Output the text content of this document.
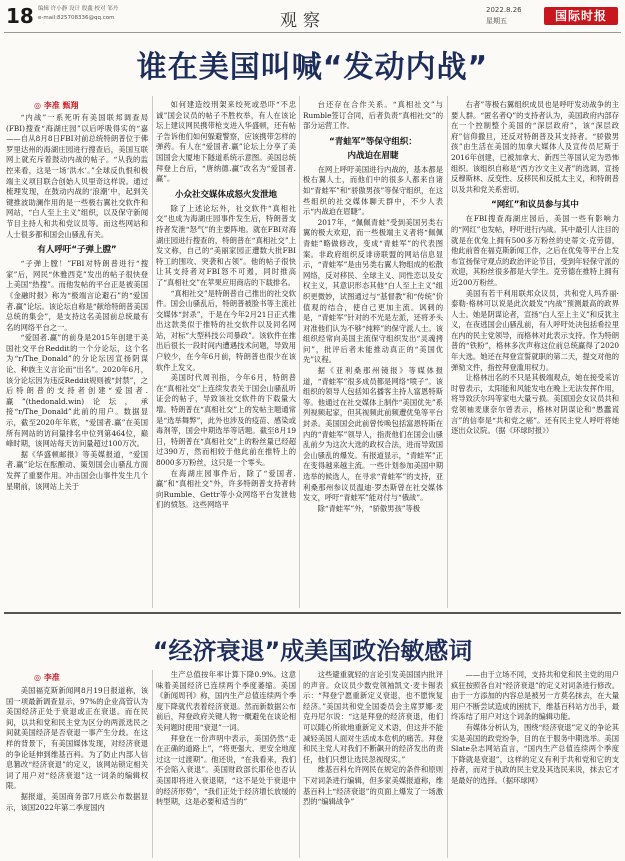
18 编辑 许小静 设计 殷鑫 校对 邹丹
e-mail:825708336@qq.com	观察
2022.8.26
星期五	国际时报
谁在美国叫喊“发动内战”
◎ 李准 甄翔

“内战”一系死听有美国联邦调查局(FBI)搜查“海湖庄园”以后呼吸得实的“嘉——自从8月8日FBI对前总统特朗普位于佛罗里达州的海湖庄园进行搜查后，美国互联网上就充斥着鼓动内战的帖子。“从我的监控来看，这是一场‘洪水’。”全球反仇恨和极端主义项目联合创始人贝里奇这样说。通过梳理发现，在鼓动内战的‘浪潮’中，起到关键推波助澜作用的是一些极右翼社交软件和网站，“白人至上主义”组织，以及保守新闻节目主持人和共和党议员等。而这些网站和人士很多都和国会山骚乱有关。

有人呼吁“子弹上膛”

“子弹上膛！”FBI对特朗普进行“搜家”后，网民“休雅西克”发出的帖子很快登上美国“热搜”。而他发帖的平台正是被美国《金融时报》称为“极端言论避石”的“爱国者.赢”论坛。该论坛自称是“献给特朗普美国总统的集会”，是支持这名美国前总统最有名的网络平台之一。

“爱国者.赢”的前身是2015年创建于美国社交平台Reddit的一个分论坛，这个名为“r/The_Donald”的分论坛因宣扬阴谋论、种族主义言论而“出名”。2020年6月，该分论坛因为违反Reddit规则被“封禁”，之后特朗普的支持者创建“爱国者.赢”(thedonald.win)论坛，承接“r/The_Donald”此前的用户。数据显示，截至2020年年底，“爱国者.赢”在美国所有网站的访问量排名中位列第464位，巅峰时期，该网站每天访问量超过100万次。

据《华盛顿邮报》等美媒报道，“爱国者.赢”论坛在酝酿动、策划国会山骚乱方面发挥了重要作用。冲击国会山事件发生几个星期前，该网站上关于

如何建造绞刑架来绞死或恐吓“不忠诚”国会议员的帖子不胜枚举，有人在该论坛上建议网民携带枪支进入华盛顿，还有帖子告诉他们如何躲避警察，应该携带怎样的弹药。有人在“爱国者.赢”论坛上分享了美国国会大厦地下隧道系统示意图。美国总统拜登上台后，“唐纳德.赢”改名为“爱国者.赢”。

小众社交媒体成怒火发泄地

除了上述论坛外，社交软件“真相社交”也成为海湖庄园事件发生后，特朗普支持者发泄“怒气”的主要阵地。就在FBI对海湖庄园进行搜查的，特朗普在“真相社交”上发文称，自己的“美丽家园正遭数大批FBI特工的围攻、突袭和占领”。他的帖子很快让其支持者对FBI怒不可遏，同时推高了“真相社交”在苹果应用商店的下载排名。

“真相社交”是特朗普自己推出的社交软件。国会山骚乱后，特朗普被脸书等主流社交媒体“封杀”，于是在今年2月21日正式推出这款类似于推特的社交软件以及同名网站，对标“大型科技公司暴政”。该软件在推出后很长一段时间内遭遇技术问题，导致用户较少，在今年6月前，特朗普也很少在该软件上发文。

美国时代周刊指，今年6月，特朗普在“真相社交”上连续发表关于国会山骚乱听证会的帖子，导致该社交软件的下载量大增。特朗普在“真相社交”上的发帖主题通常是“选举舞弊”，此外也涉及的疫苗、感染或毒剂等，国会中期选举等话题。截至8月19日，特朗普在“真相社交”上的粉丝量已经超过390万，然而相较于他此前在推特上的8000多万粉丝，这只是一个零头。

在海湖庄园事件后，除了“爱国者.赢”和“真相社交”外，许多特朗普支持者转向Rumble、Gettr等小众网络平台发泄他们的愤怒。这些网络平

台还存在合作关系。“真相社交”与Rumble签订合同，后者负责“真相社交”的部分运营工作。

“青蛙军”等保守组织：
内战迫在眉睫

在网上呼吁美国进行内战的，基本都是极右翼人士，而他们中的很多人都来自诸如“青蛙军”和“骄傲男孩”等保守组织，在这些组织的社交媒体聊天群中，不少人表示“内战迫在眉睫”。

2017年，“佩佩青蛙”受到美国另类右翼的极大欢迎，而一些极端主义者将“佩佩青蛙”略做修改，变成“青蛙军”的代表图案。非政府组织反诽谤联盟的网站信息显示，“青蛙军”是由另类右翼人物组成的松散网络，反对移民、全球主义、同性恋以及女权主义，其意识形态其他“白人至上主义”组织更微妙，试图通过与“基督教”和“传统”价值观的结合，使自己更加主流。讽刺的是，“青蛙军”针对的不光是左派，还将矛头对准他们认为不够“纯粹”的保守派人士。该组织经常向美国主流保守组织发出“灵魂拷问”，批评后者未能推动真正的“美国优先”议程。

据《亚利桑那州镜报》等媒体报道，“青蛙军”很多成员都是网络“喷子”。该组织的领导人包括知名播客主持人富恩特斯等。他通过在社交媒体上制作“美国优先”系列视频起家，但其视频此前频遭优兔等平台封杀。美国国会此前曾传唤包括富恩特斯在内的“青蛙军”领导人，指责他们在国会山骚乱前夕为这次大选的政权合法，进而导致国会山骚乱的爆发。有报道显示，“青蛙军”正在变得越来越主流。一些计划参加美国中期选举的候选人，在寻求“青蛙军”的支持，亚利桑那州参议员温迪·罗杰斯曾在社交媒体发文，呼吁“青蛙军”能对付与“俄战”。

除“青蛙军”外，“骄傲男孩”等极

右者”等极右翼组织成员也是呼吁发动战争的主要人群。“匿名者Q”的支持者认为，美国政府内部存在一个控制整个美国的“深层政府”，该“深层政府”信仰撒旦，还反对特朗普及其支持者。“骄傲男孩”由生活在美国的加拿大媒体人及宣传员尼斯于2016年创建，已被加拿大、新西兰等国认定为恐怖组织。该组织自称是“西方沙文主义者”的选调，宣扬反穆斯林、反变性、反移民和反抵太主义，和特朗普以及共和党关系密切。

“网红”和议员参与其中

在FBI搜查海湖庄园后，美国一些有影响力的“网红”也发帖，呼吁进行内战。其中最引人注目的就是在优兔上拥有500多万粉丝的史蒂文·克劳德，他此前曾在福克斯新闻工作，之后在优兔等平台上发布宣扬保守观点的政治评论节目，受到年轻保守派的欢迎，其粉丝很多都是大学生。克劳德在推特上拥有近200万粉丝。

美国有若干利用联邦众议员，共和党人玛乔丽·泰勒·格林可以说是此次最发“内战”预测最高的政界人士。她是阴谋论者，宣扬“白人至上主义”和反犹主义，在夜逃国会山骚乱前，有人呼吁处决包括希拉里在内的民主党领导，而格林对此表示支持。作为特朗普的“铁粉”，格林多次声称这位前总统赢得了2020年大选。她还在拜登宣誓就职的第二天，提交对他的弹劾文件，指控拜登滥用权力。

让格林出名的不只是其极端观点，她在接受采访时曾表示，太阳能和风能发电在晚上无法发挥作用，将导致沃尔玛等家电大量亏损。美国国会女议员共和党领袖麦康奈尔曾表示，格林对阴谋论和“愚蠢谎言”的信奉是“共和党之癌”。还有民主党人呼吁将她逐出众议院。（据《环球时报》）

“经济衰退”成美国政治敏感词
◎ 李准

美国福克斯新闻网8月19日报道称，该国一项最新调查显示，97%的企业高管认为美国经济正处于衰退或正在衰退。而在民间，以共和党和民主党为区分的两派选民之间就美国经济是否衰退一事产生分歧。在这样的背景下，有美国媒体发现，对经济衰退的争论延伸到维基百科。为了防止内部人信息篡改“经济衰退”的定义，该网站锁定相关词了用户对“经济衰退”这一词条的编辑权限。

据报道，美国商务部7月底公布数据显示，该国2022年第二季度国内

生产总值按年率计算下降0.9%。这意味着美国经济已连续两个季度萎缩。美国《新闻周刊》称，国内生产总值连续两个季度下降就代表着经济衰退。然而新数据公布前后，拜登政府关键人物一概避免在谈论相关问题时使用“衰退”一词。

拜登在一份声明中表示，美国仍然“走在正确的道路上”，“将更强大、更安全地度过这一过渡期”。他还说，“在我看来，我们不会陷入衰退”。美国财政部长耶伦也否认美国即将进入衰退期，“这不是处于衰退中的经济形势”，“我们正处于经济增长放缓的转型期，这是必要和适当的”

这些避重就轻的言论引发美国国内批评的声音。众议员少数党领袖凯文·麦卡锡表示：“拜登宁愿重新定义衰退，也不愿恢复经济。”美国共和党全国委员会主席罗娜·麦克丹尼尔说：“这是拜登的经济衰退，他们可以随心所欲地重新定义术语，但这并不能减轻美国人面对生活成本危机的痛苦。拜登和民主党人对我们不断飙升的经济发出的责任，他们只想让选民忽视现实。”

维基百科允许网民在规定的条件和原则下对词条进行编辑，但多家美媒报道称，维基百科上“经济衰退”的页面上爆发了一场激烈的“编辑战争”

——由于立场不同，支持共和党和民主党的用户疯狂按照各自对“经济衰退”的定义对词条进行修改。由于一方添加的内容总是被另一方莫名抹去，在大量用户不断尝试造成的困扰下，维基百科站方出手，最终冻结了用户对这个词条的编辑功能。

有媒体分析认为，围绕“经济衰退”定义的争论其实是美国的政党纷争，目的在于服务中期选举。美国Slate杂志网站直言，“国内生产总值连续两个季度下降就是衰退”，这样的定义有利于共和党和它的支持者，而对于执政的民主党及其选民来说，抹去它才是最好的选择。（据环球网）
